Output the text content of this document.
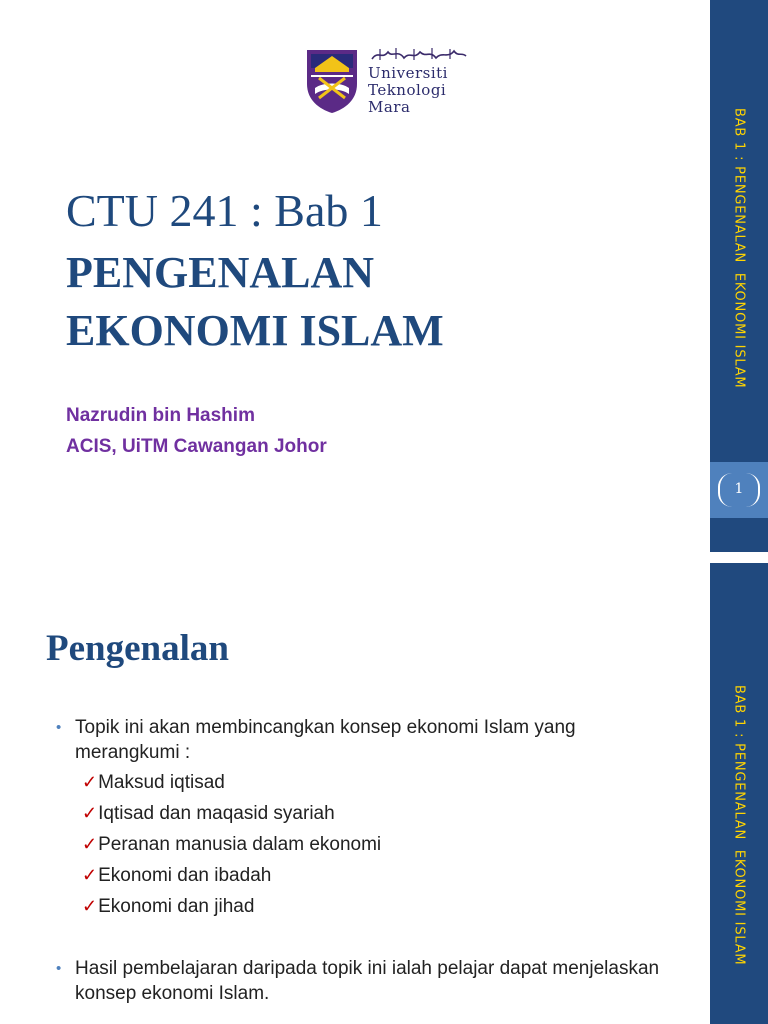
Universiti
Teknologi
Mara
CTU 241 : Bab 1
PENGENALAN
EKONOMI ISLAM
Nazrudin bin Hashim
ACIS, UiTM Cawangan Johor
BAB 1 : PENGENALAN  EKONOMI ISLAM
1
Pengenalan
• Topik ini akan membincangkan konsep ekonomi Islam yang merangkumi :
✓Maksud iqtisad
✓Iqtisad dan maqasid syariah
✓Peranan manusia dalam ekonomi
✓Ekonomi dan ibadah
✓Ekonomi dan jihad
• Hasil pembelajaran daripada topik ini ialah pelajar dapat menjelaskan konsep ekonomi Islam.
BAB 1 : PENGENALAN  EKONOMI ISLAM
